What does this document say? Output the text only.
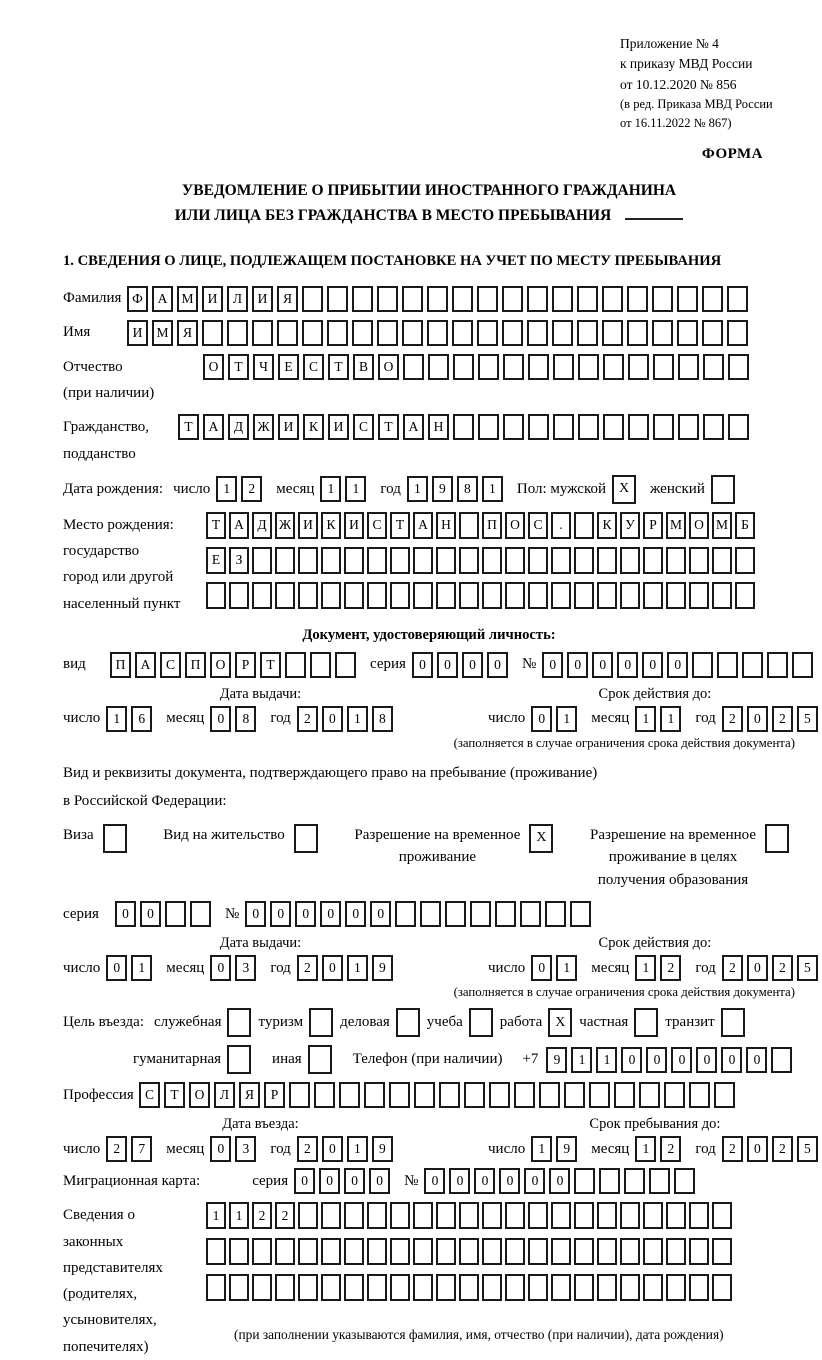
Приложение № 4
к приказу МВД России
от 10.12.2020 № 856
(в ред. Приказа МВД России
от 16.11.2022 № 867)
ФОРМА
УВЕДОМЛЕНИЕ О ПРИБЫТИИ ИНОСТРАННОГО ГРАЖДАНИНА
ИЛИ ЛИЦА БЕЗ ГРАЖДАНСТВА В МЕСТО ПРЕБЫВАНИЯ
1. СВЕДЕНИЯ О ЛИЦЕ, ПОДЛЕЖАЩЕМ ПОСТАНОВКЕ НА УЧЕТ ПО МЕСТУ ПРЕБЫВАНИЯ
Фамилия Ф	А	М	И	Л	И	Я
Имя	И	М	Я
Отчество
(при наличии)
О	Т	Ч	Е	С	Т	В	О
Гражданство,
подданство
Т	А	Д	Ж	И	К	И	С	Т	А	Н
Дата рождения: число 1	2	месяц 1	1	год 1	9	8	1	Пол: мужской X	женский
Место рождения:
государство
город или другой
населенный пункт
Т	А	Д Ж И	К	И	С	Т	А Н	П О	С	.	К	У	Р М О М Б
Е	З
Документ, удостоверяющий личность:
вид	П	А	С	П	О	Р	Т	серия 0	0	0	0	№ 0	0	0	0	0	0
Дата выдачи:
число 1	6	месяц 0	8	год 2	0	1	8
Срок действия до:
число 0	1	месяц 1	1	год 2	0	2	5
(заполняется в случае ограничения срока действия документа)
Вид и реквизиты документа, подтверждающего право на пребывание (проживание)
в Российской Федерации:
Виза	Вид на жительство	Разрешение на временное
проживание
X	Разрешение на временное
проживание в целях
получения образования
серия	0	0	№ 0	0	0	0	0	0
Дата выдачи:
число 0	1	месяц 0	3	год 2	0	1	9
Срок действия до:
число 0	1	месяц 1	2	год 2	0	2	5
(заполняется в случае ограничения срока действия документа)
Цель въезда: служебная туризм деловая учеба работа X частная транзит
гуманитарная	иная	Телефон (при наличии) +7	9	1	1	0	0	0	0	0	0
Профессия С	Т	О	Л	Я	Р
Дата въезда:
число 2	7	месяц 0	3	год 2	0	1	9
Срок пребывания до:
число 1	9	месяц 1	2	год 2	0	2	5
Миграционная карта:	серия 0	0	0	0	№ 0	0	0	0	0	0
Сведения о
законных
представителях
(родителях,
усыновителях,
попечителях)
1	1	2	2
(при заполнении указываются фамилия, имя, отчество (при наличии), дата рождения)
